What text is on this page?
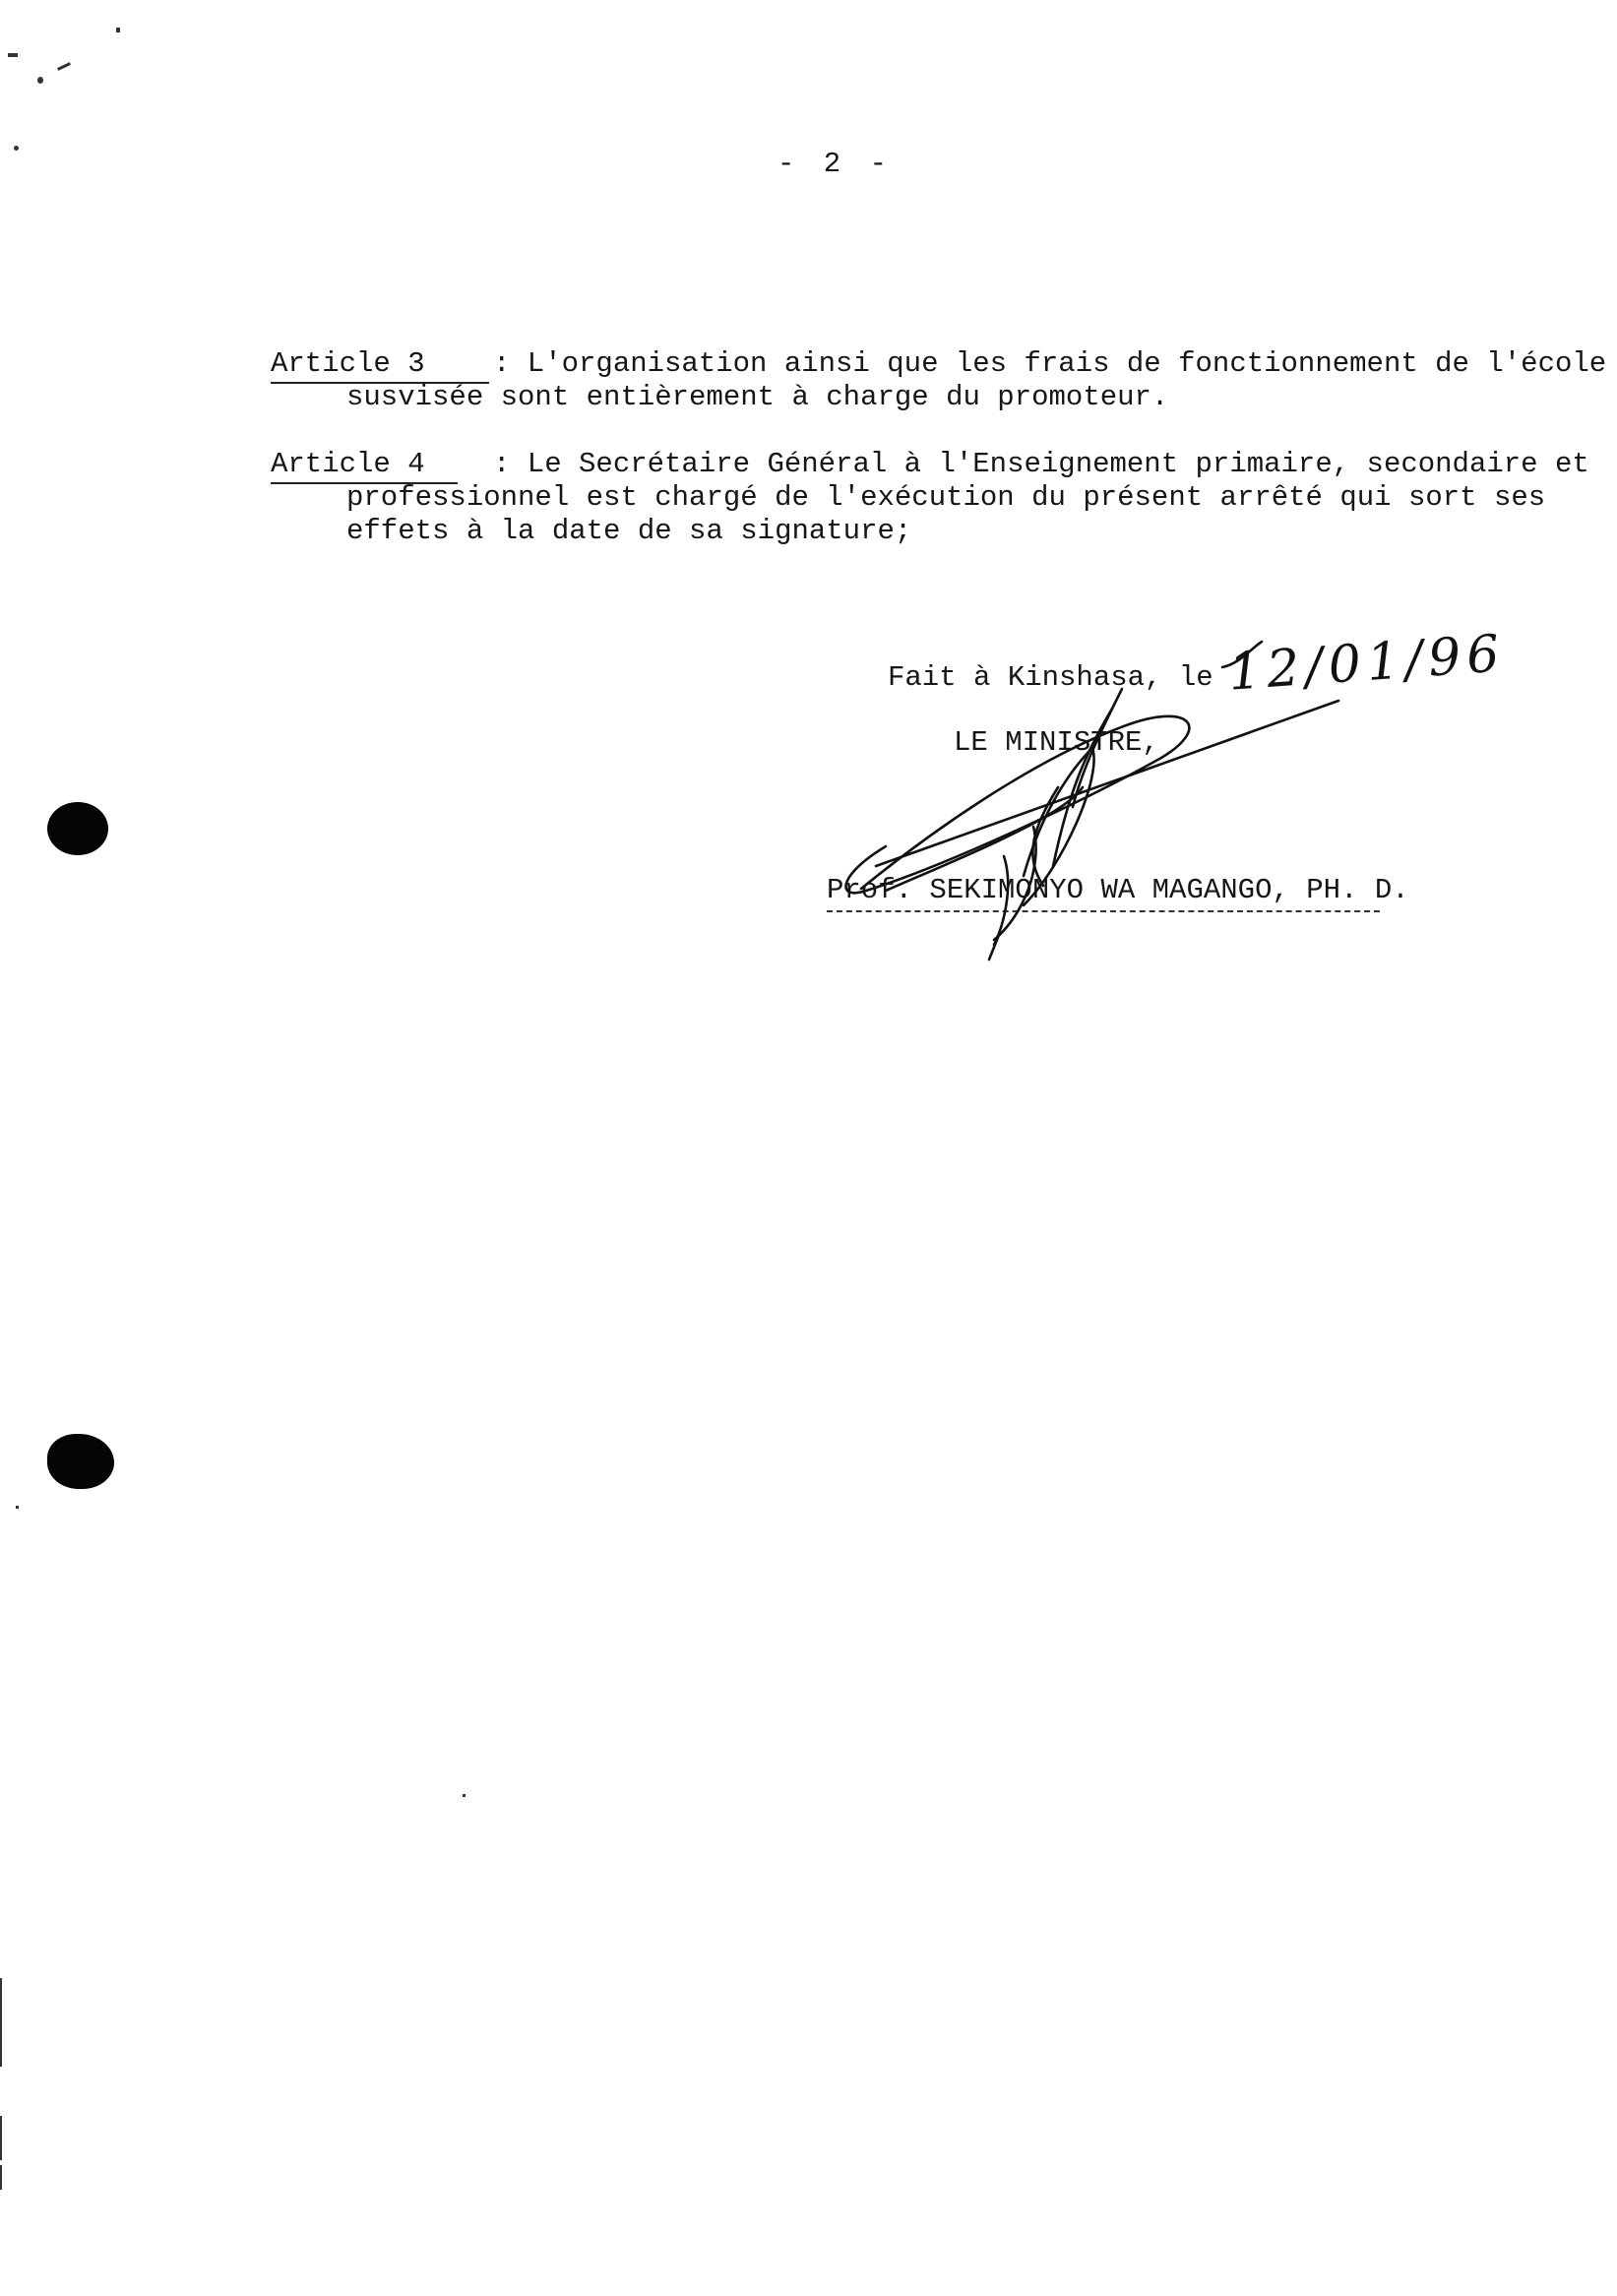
- 2 -
Article 3 : L'organisation ainsi que les frais de fonctionnement de l'école
susvisée sont entièrement à charge du promoteur.
Article 4 : Le Secrétaire Général à l'Enseignement primaire, secondaire et
professionnel est chargé de l'exécution du présent arrêté qui sort ses
effets à la date de sa signature;
Fait à Kinshasa, le 12/01/96
LE MINISTRE,
Prof. SEKIMONYO WA MAGANGO, PH. D.
